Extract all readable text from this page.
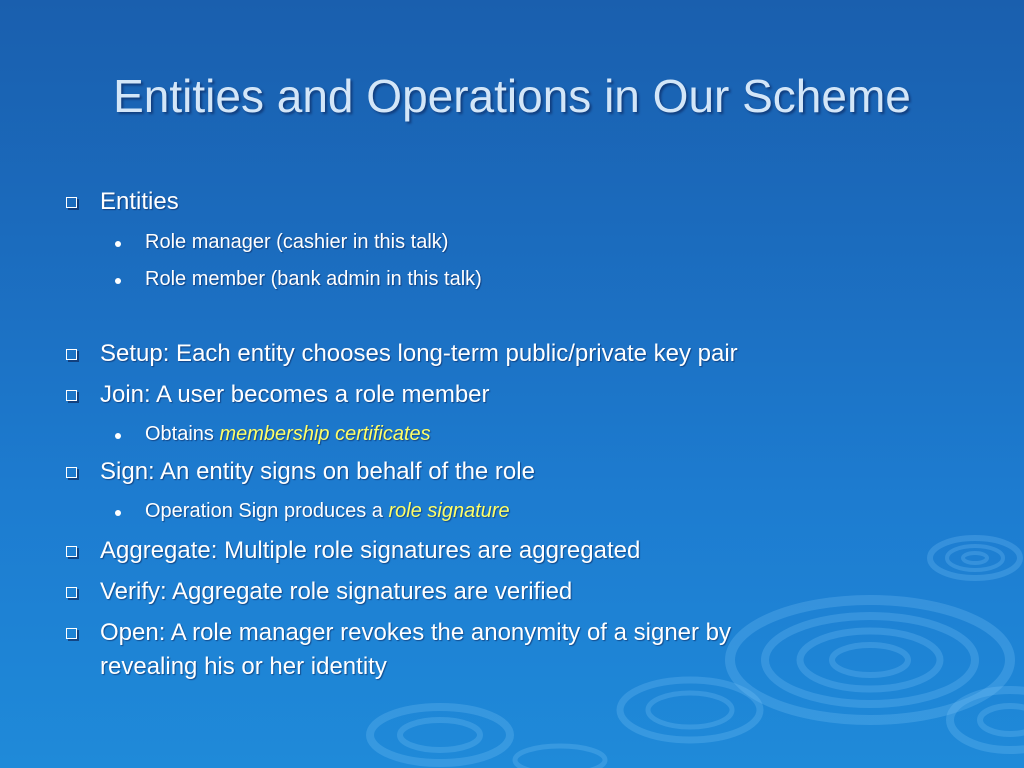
Entities and Operations in Our Scheme
Entities
Role manager (cashier in this talk)
Role member (bank admin in this talk)
Setup: Each entity chooses long-term public/private key pair
Join: A user becomes a role member
Obtains membership certificates
Sign: An entity signs on behalf of the role
Operation Sign produces a role signature
Aggregate: Multiple role signatures are aggregated
Verify: Aggregate role signatures are verified
Open: A role manager revokes the anonymity of a signer by
revealing his or her identity
